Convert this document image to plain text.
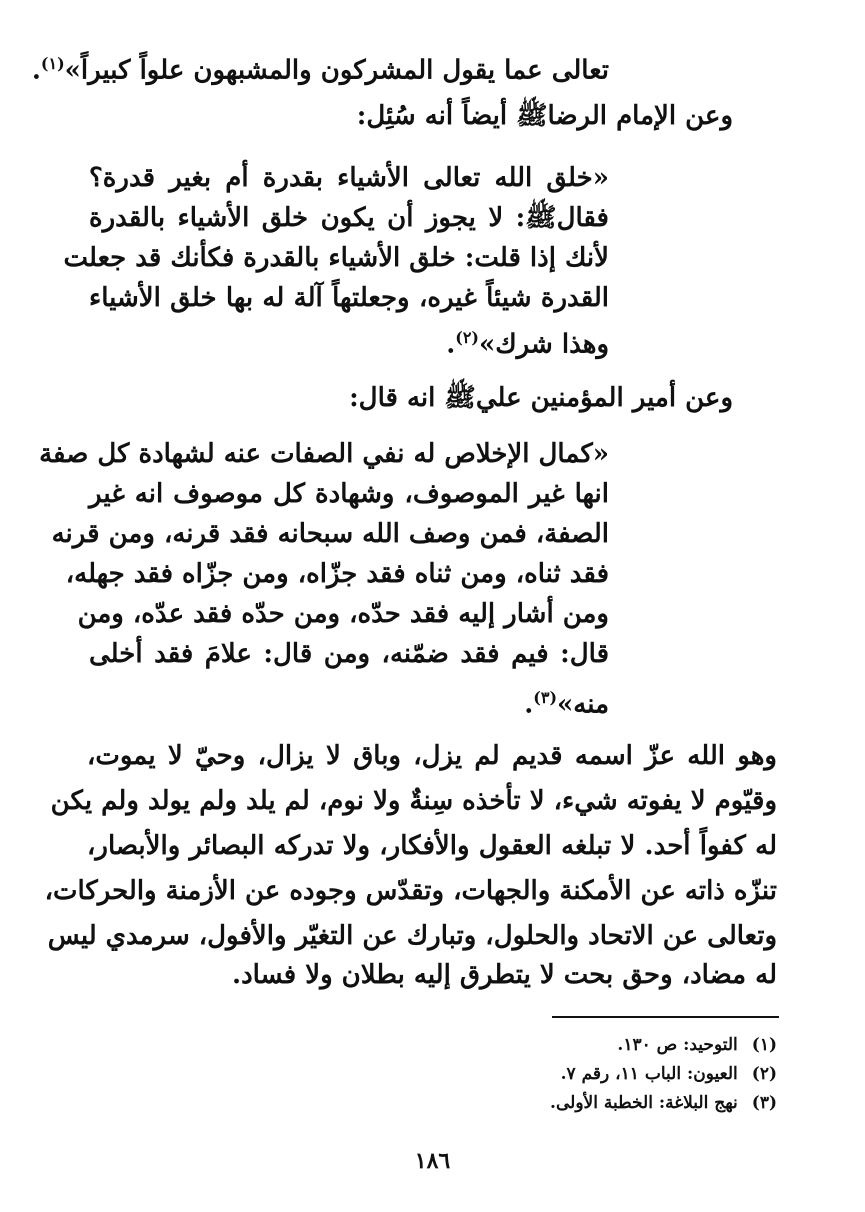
تعالى عما يقول المشركون والمشبهون علواً كبيراً»$^{(١)}$.
وعن الإمام الرضاﷺ أيضاً أنه سُئِل:
«خلق الله تعالى الأشياء بقدرة أم بغير قدرة؟
فقالﷺ: لا يجوز أن يكون خلق الأشياء بالقدرة
لأنك إذا قلت: خلق الأشياء بالقدرة فكأنك قد جعلت
القدرة شيئاً غيره، وجعلتهاً آلة له بها خلق الأشياء
وهذا شرك»$^{(٢)}$.
وعن أمير المؤمنين عليﷺ انه قال:
«كمال الإخلاص له نفي الصفات عنه لشهادة كل صفة
انها غير الموصوف، وشهادة كل موصوف انه غير
الصفة، فمن وصف الله سبحانه فقد قرنه، ومن قرنه
فقد ثناه، ومن ثناه فقد جزّاه، ومن جزّاه فقد جهله،
ومن أشار إليه فقد حدّه، ومن حدّه فقد عدّه، ومن
قال: فيم فقد ضمّنه، ومن قال: علامَ فقد أخلى
منه»$^{(٣)}$.
وهو الله عزّ اسمه قديم لم يزل، وباق لا يزال، وحيّ لا يموت،
وقيّوم لا يفوته شيء، لا تأخذه سِنةٌ ولا نوم، لم يلد ولم يولد ولم يكن
له كفواً أحد. لا تبلغه العقول والأفكار، ولا تدركه البصائر والأبصار،
تنزّه ذاته عن الأمكنة والجهات، وتقدّس وجوده عن الأزمنة والحركات،
وتعالى عن الاتحاد والحلول، وتبارك عن التغيّر والأفول، سرمدي ليس
له مضاد، وحق بحت لا يتطرق إليه بطلان ولا فساد.
(١)التوحيد: ص ١٣٠.
(٢)العيون: الباب ١١، رقم ٧.
(٣)نهج البلاغة: الخطبة الأولى.
١٨٦
